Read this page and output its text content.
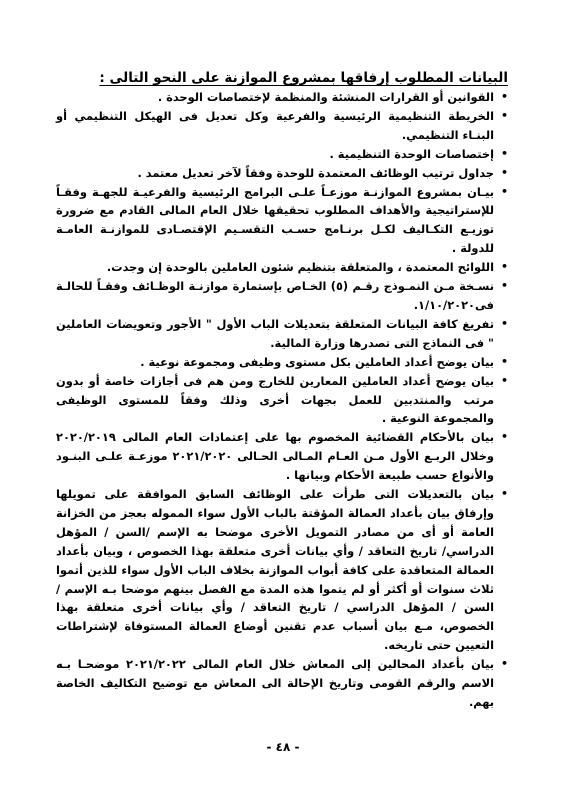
البيانات المطلوب إرفاقها بمشروع الموازنة على النحو التالى :
•
القوانين أو القرارات المنشئة والمنظمة لإختصاصات الوحدة .
•
الخريطة التنظيمية الرئيسية والفرعية وكل تعديل فى الهيكل التنظيمي أو البنـاء التنظيمي.
•
إختصاصات الوحدة التنظيمية .
•
جداول ترتيب الوظائف المعتمدة للوحدة وفقاً لآخر تعديل معتمد .
•
بيـان بمشروع الموازنـة موزعـاً علـى البرامج الرئيسية والفرعيـة للجهـة وفقـاً للإستراتيجية والأهداف المطلوب تحقيقها خلال العام المالى القادم مع ضرورة توزيـع التكـاليف لكـل برنـامج حسـب التقسـيم الإقتصـادى للموازنـة العامـة للدولة .
•
اللوائح المعتمدة ، والمتعلقة بتنظيم شئون العاملين بالوحدة إن وجدت.
•
نسـخة مـن النمـوذج رقـم (٥) الخـاص بإستمارة موازنـة الوظـائف وفقـاً للحالـة فى١/١٠/٢٠٢٠.
•
تفريغ كافة البيانات المتعلقة بتعديلات الباب الأول " الأجور وتعويضات العاملين " فى النماذج التى تصدرها وزارة المالية.
•
بيان يوضح أعداد العاملين بكل مستوى وظيفى ومجموعة نوعية .
•
بيان يوضح أعداد العاملين المعارين للخارج ومن هم فى أجازات خاصة أو بدون مرتب والمنتدبين للعمل بجهات أخرى وذلك وفقاً للمستوى الوظيفى والمجموعة النوعية .
•
بيان بالأحكام القضائية المخصوم بها على إعتمادات العام المالى ٢٠٢٠/٢٠١٩ وخلال الربـع الأول مـن العـام المـالى الحـالى ٢٠٢١/٢٠٢٠ موزعـة علـى البنـود والأنواع حسب طبيعة الأحكام وبيانها .
•
بيان بالتعديلات التى طرأت على الوظائف السابق الموافقة على تمويلها وإرفاق بيان بأعداد العمالة المؤقتة بالباب الأول سواء المموله بعجز من الخزانة العامة أو أى من مصادر التمويل الأخرى موضحا به الإسم /السن / المؤهل الدراسي/ تاريخ التعاقد / وأي بيانات أخرى متعلقة بهذا الخصوص ، وبيان بأعداد العمالة المتعاقدة على كافة أبواب الموازنة بخلاف الباب الأول سواء للذين أتموا ثلاث سنوات أو أكثر أو لم يتموا هذه المدة مع الفصل بينهم موضحا بـه الإسم / السن / المؤهل الدراسي / تاريخ التعاقد / وأي بيانات أخرى متعلقة بهذا الخصوص، مـع بيان أسباب عدم تقنين أوضاع العمالة المستوفاة لإشتراطات التعيين حتى تاريخه.
•
بيان بأعداد المحالين إلى المعاش خلال العام المالى ٢٠٢١/٢٠٢٢ موضحـا بـه الاسم والرقم القومى وتاريخ الإحالة الى المعاش مع توضيح التكاليف الخاصة بهم.
- ٤٨ -
